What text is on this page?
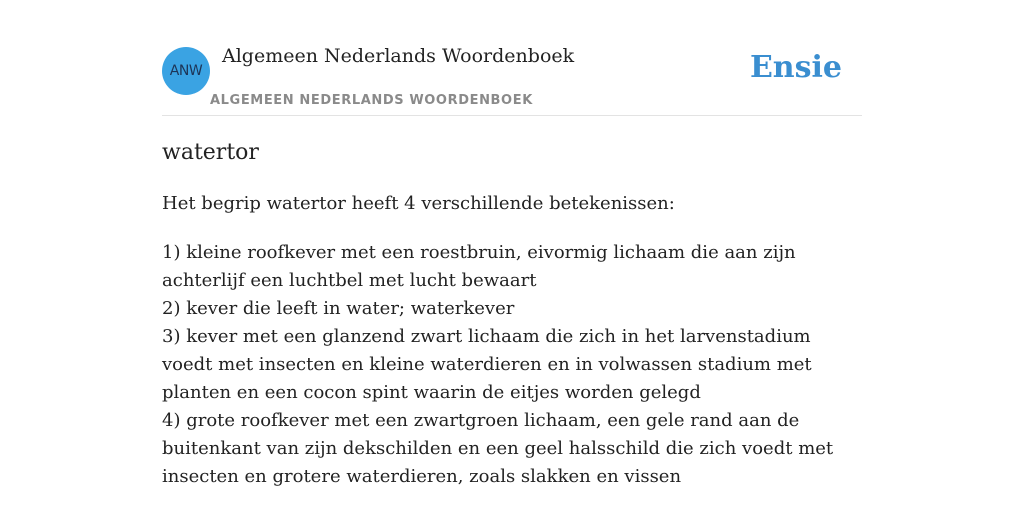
ANW
Algemeen Nederlands Woordenboek
ALGEMEEN NEDERLANDS WOORDENBOEK
Ensie
watertor

Het begrip watertor heeft 4 verschillende betekenissen:

1) kleine roofkever met een roestbruin, eivormig lichaam die aan zijn achterlijf een luchtbel met lucht bewaart
2) kever die leeft in water; waterkever
3) kever met een glanzend zwart lichaam die zich in het larvenstadium voedt met insecten en kleine waterdieren en in volwassen stadium met planten en een cocon spint waarin de eitjes worden gelegd
4) grote roofkever met een zwartgroen lichaam, een gele rand aan de buitenkant van zijn dekschilden en een geel halsschild die zich voedt met insecten en grotere waterdieren, zoals slakken en vissen
